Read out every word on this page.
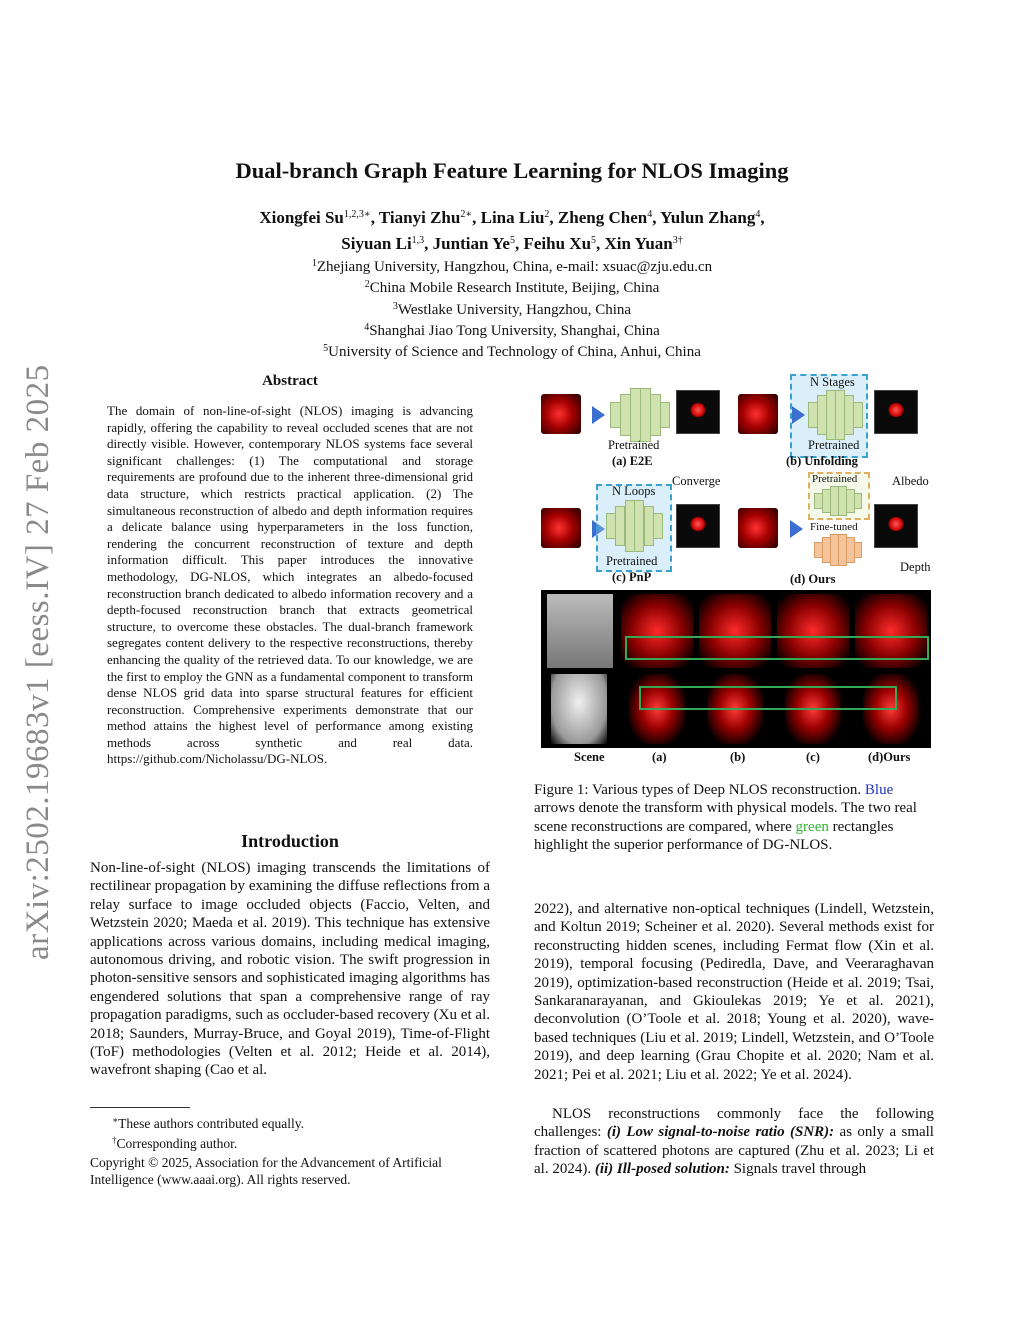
arXiv:2502.19683v1 [eess.IV] 27 Feb 2025
Dual-branch Graph Feature Learning for NLOS Imaging
Xiongfei $Su^{1,2,3∗}$, Tianyi Zhu$^{2∗}$, Lina Liu$^2$, Zheng Chen$^4$, Yulun Zhang$^4$,
Siyuan Li$^{1,3}$, Juntian Ye$^5$, Feihu Xu$^5$, Xin Yuan$^{3\dagger}$
$^1$Zhejiang University, Hangzhou, China, e-mail: xsuac@zju.edu.cn
$^2$China Mobile Research Institute, Beijing, China
$^3$Westlake University, Hangzhou, China
$^4$Shanghai Jiao Tong University, Shanghai, China
$^5$University of Science and Technology of China, Anhui, China
Abstract
The domain of non-line-of-sight (NLOS) imaging is advancing rapidly, offering the capability to reveal occluded scenes that are not directly visible. However, contemporary NLOS systems face several significant challenges: (1) The computational and storage requirements are profound due to the inherent three-dimensional grid data structure, which restricts practical application. (2) The simultaneous reconstruction of albedo and depth information requires a delicate balance using hyperparameters in the loss function, rendering the concurrent reconstruction of texture and depth information difficult. This paper introduces the innovative methodology, DG-NLOS, which integrates an albedo-focused reconstruction branch dedicated to albedo information recovery and a depth-focused reconstruction branch that extracts geometrical structure, to overcome these obstacles. The dual-branch framework segregates content delivery to the respective reconstructions, thereby enhancing the quality of the retrieved data. To our knowledge, we are the first to employ the GNN as a fundamental component to transform dense NLOS grid data into sparse structural features for efficient reconstruction. Comprehensive experiments demonstrate that our method attains the highest level of performance among existing methods across synthetic and real data. https://github.com/Nicholassu/DG-NLOS.
Introduction
Non-line-of-sight (NLOS) imaging transcends the limitations of rectilinear propagation by examining the diffuse reflections from a relay surface to image occluded objects (Faccio, Velten, and Wetzstein 2020; Maeda et al. 2019). This technique has extensive applications across various domains, including medical imaging, autonomous driving, and robotic vision. The swift progression in photon-sensitive sensors and sophisticated imaging algorithms has engendered solutions that span a comprehensive range of ray propagation paradigms, such as occluder-based recovery (Xu et al. 2018; Saunders, Murray-Bruce, and Goyal 2019), Time-of-Flight (ToF) methodologies (Velten et al. 2012; Heide et al. 2014), wavefront shaping (Cao et al.
∗These authors contributed equally.
†Corresponding author.
Copyright © 2025, Association for the Advancement of Artificial Intelligence (www.aaai.org). All rights reserved.
Pretrained
(a) E2E
N Stages
Pretrained
(b) Unfolding
N Loops
Converge
Pretrained
(c) PnP
Pretrained
Fine-tuned
Albedo
Depth
(d) Ours
Scene	(a)	(b)	(c)	(d)Ours
Figure 1: Various types of Deep NLOS reconstruction. Blue arrows denote the transform with physical models. The two real scene reconstructions are compared, where green rectangles highlight the superior performance of DG-NLOS.
2022), and alternative non-optical techniques (Lindell, Wetzstein, and Koltun 2019; Scheiner et al. 2020). Several methods exist for reconstructing hidden scenes, including Fermat flow (Xin et al. 2019), temporal focusing (Pediredla, Dave, and Veeraraghavan 2019), optimization-based reconstruction (Heide et al. 2019; Tsai, Sankaranarayanan, and Gkioulekas 2019; Ye et al. 2021), deconvolution (O’Toole et al. 2018; Young et al. 2020), wave-based techniques (Liu et al. 2019; Lindell, Wetzstein, and O’Toole 2019), and deep learning (Grau Chopite et al. 2020; Nam et al. 2021; Pei et al. 2021; Liu et al. 2022; Ye et al. 2024).
NLOS reconstructions commonly face the following challenges: (i) Low signal-to-noise ratio (SNR): as only a small fraction of scattered photons are captured (Zhu et al. 2023; Li et al. 2024). (ii) Ill-posed solution: Signals travel through
